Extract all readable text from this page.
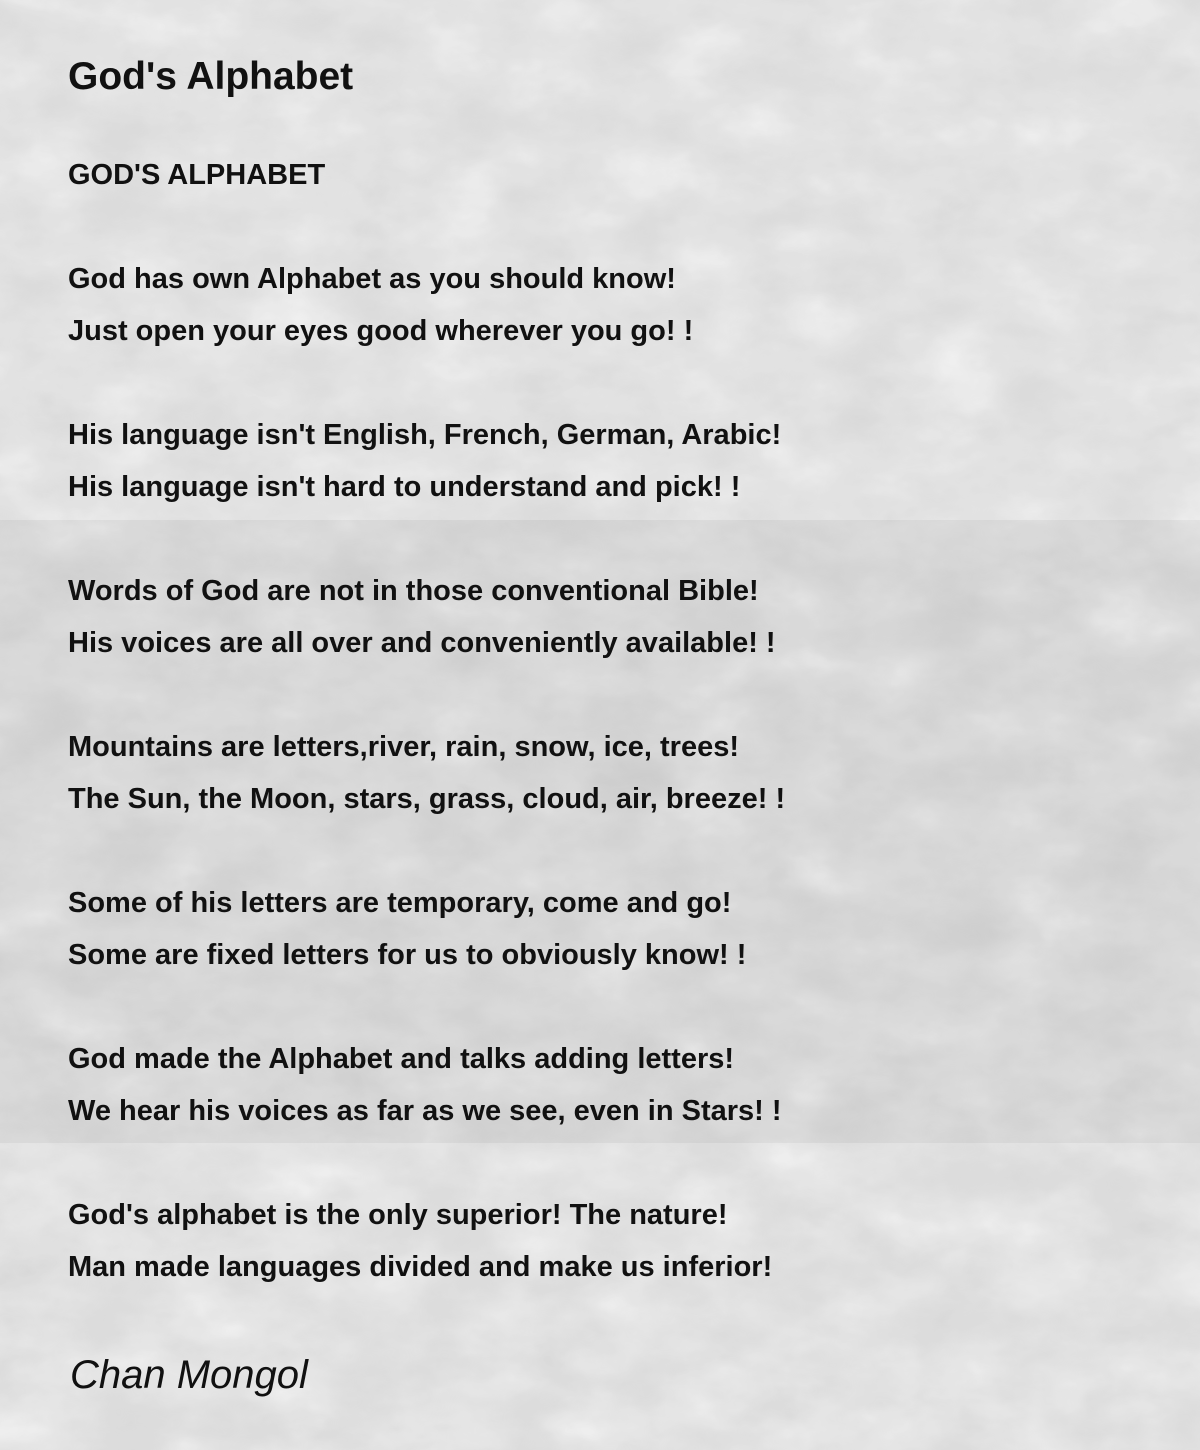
God's Alphabet

GOD'S ALPHABET

God has own Alphabet as you should know!

Just open your eyes good wherever you go! !

His language isn't English, French, German, Arabic!

His language isn't hard to understand and pick! !

Words of God are not in those conventional Bible!

His voices are all over and conveniently available! !

Mountains are letters,river, rain, snow, ice, trees!

The Sun, the Moon, stars, grass, cloud, air, breeze! !

Some of his letters are temporary, come and go!

Some are fixed letters for us to obviously know! !

God made the Alphabet and talks adding letters!

We hear his voices as far as we see, even in Stars! !

God's alphabet is the only superior! The nature!

Man made languages divided and make us inferior!

Chan Mongol
